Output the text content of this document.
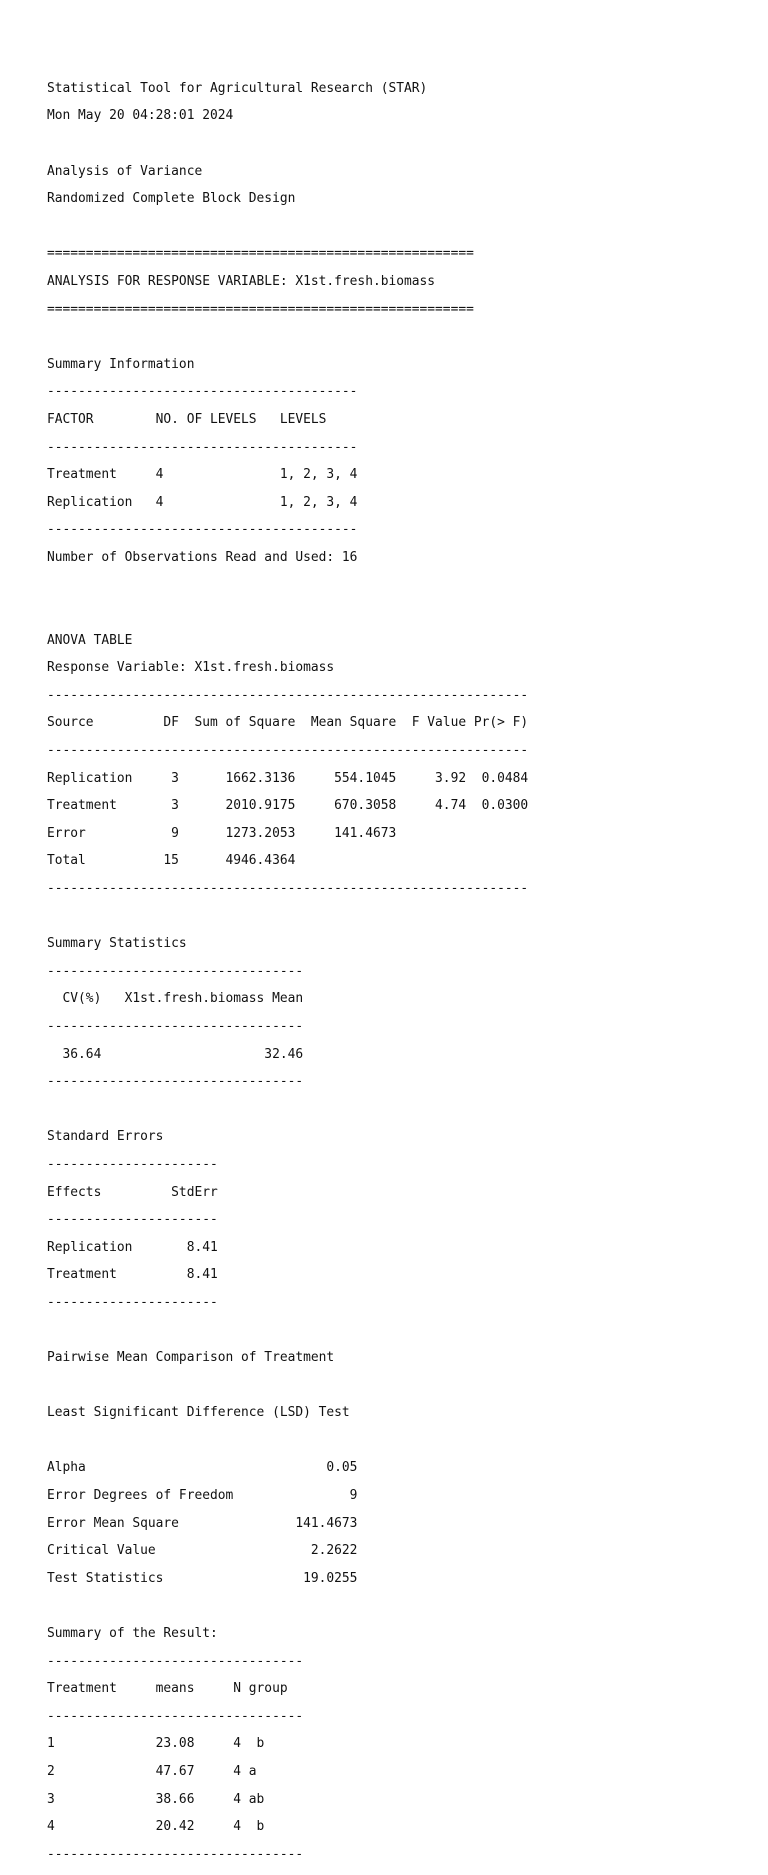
Statistical Tool for Agricultural Research (STAR)

Mon May 20 04:28:01 2024

Analysis of Variance

Randomized Complete Block Design

=======================================================

ANALYSIS FOR RESPONSE VARIABLE: X1st.fresh.biomass

=======================================================

Summary Information

----------------------------------------

FACTOR        NO. OF LEVELS   LEVELS

----------------------------------------

Treatment     4               1, 2, 3, 4

Replication   4               1, 2, 3, 4

----------------------------------------

Number of Observations Read and Used: 16

ANOVA TABLE

Response Variable: X1st.fresh.biomass

--------------------------------------------------------------

Source         DF  Sum of Square  Mean Square  F Value Pr(> F)

--------------------------------------------------------------

Replication     3      1662.3136     554.1045     3.92  0.0484

Treatment       3      2010.9175     670.3058     4.74  0.0300

Error           9      1273.2053     141.4673

Total          15      4946.4364

--------------------------------------------------------------

Summary Statistics

---------------------------------

CV(%)   X1st.fresh.biomass Mean

---------------------------------

36.64                     32.46

---------------------------------

Standard Errors

----------------------

Effects         StdErr

----------------------

Replication       8.41

Treatment         8.41

----------------------

Pairwise Mean Comparison of Treatment

Least Significant Difference (LSD) Test

Alpha                               0.05

Error Degrees of Freedom               9

Error Mean Square               141.4673

Critical Value                    2.2622

Test Statistics                  19.0255

Summary of the Result:

---------------------------------

Treatment     means     N group

---------------------------------

1             23.08     4  b

2             47.67     4 a

3             38.66     4 ab

4             20.42     4  b

---------------------------------
